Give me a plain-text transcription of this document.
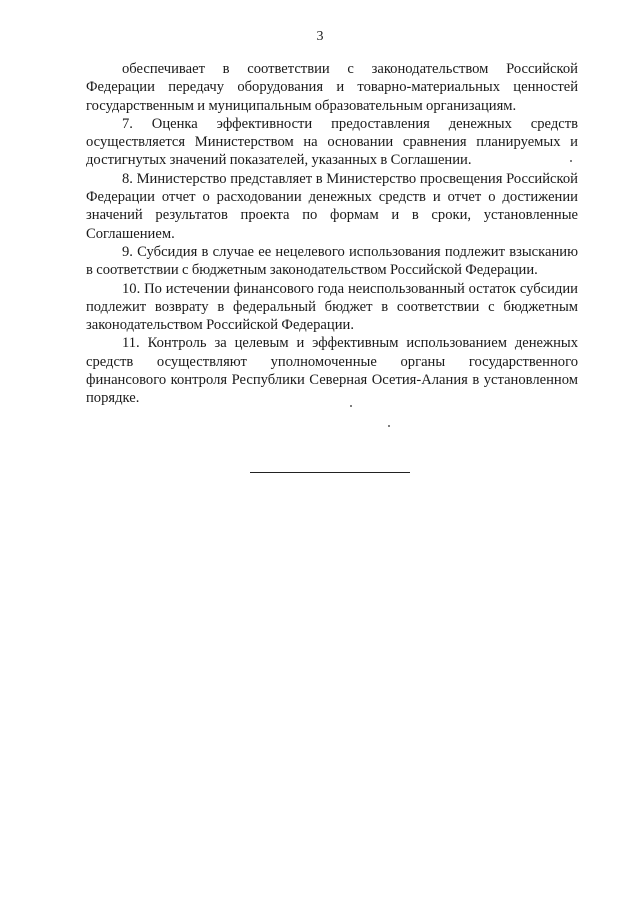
3

обеспечивает в соответствии с законодательством Российской Федерации передачу оборудования и товарно-материальных ценностей государственным и муниципальным образовательным организациям.

7. Оценка эффективности предоставления денежных средств осуществляется Министерством на основании сравнения планируемых и достигнутых значений показателей, указанных в Соглашении.

8. Министерство представляет в Министерство просвещения Российской Федерации отчет о расходовании денежных средств и отчет о достижении значений результатов проекта по формам и в сроки, установленные Соглашением.

9. Субсидия в случае ее нецелевого использования подлежит взысканию в соответствии с бюджетным законодательством Российской Федерации.

10. По истечении финансового года неиспользованный остаток субсидии подлежит возврату в федеральный бюджет в соответствии с бюджетным законодательством Российской Федерации.

11. Контроль за целевым и эффективным использованием денежных средств осуществляют уполномоченные органы государственного финансового контроля Республики Северная Осетия-Алания в установленном порядке.
